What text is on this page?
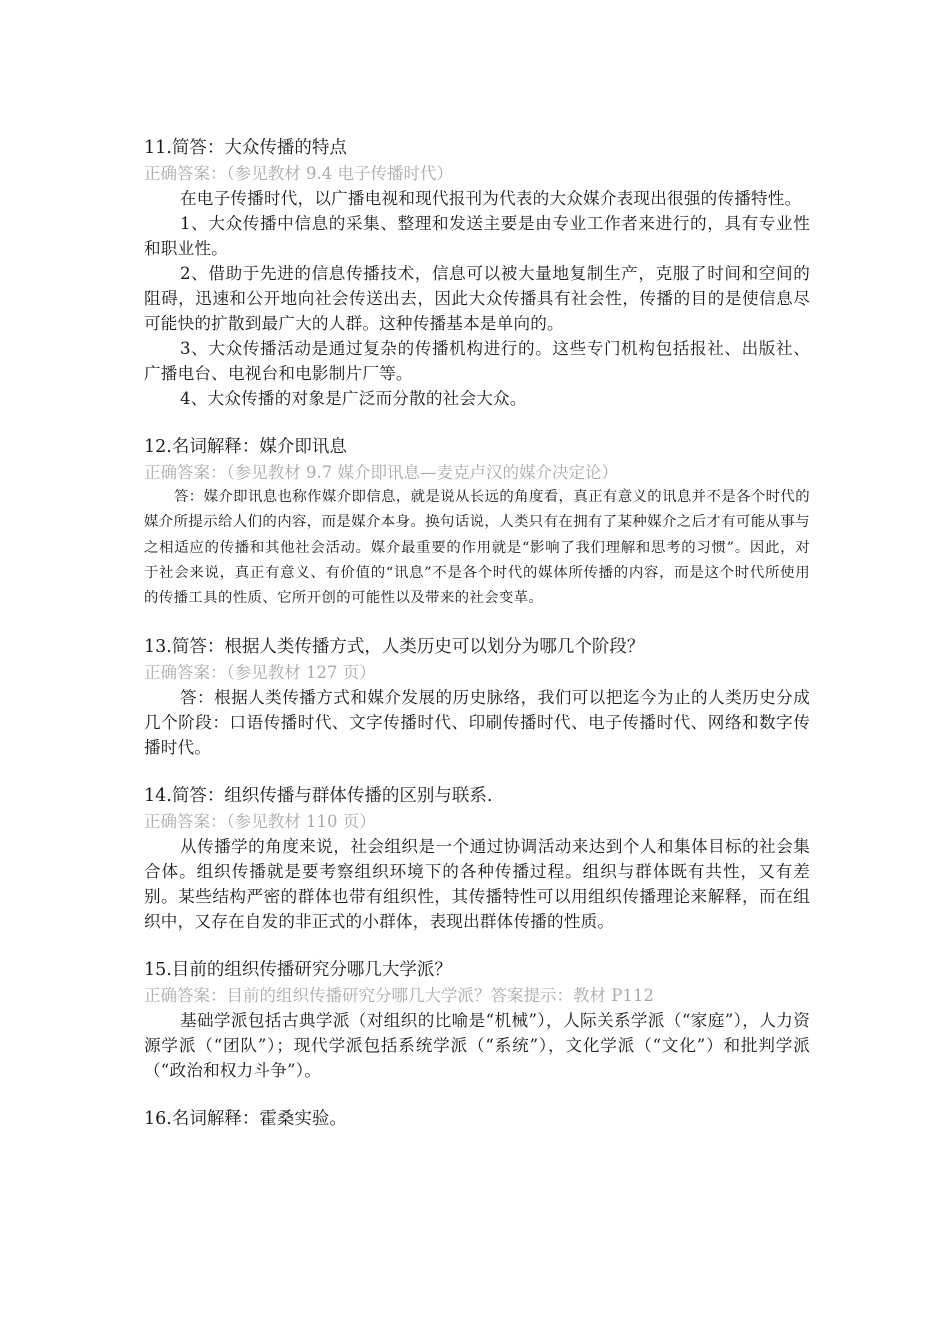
11.简答：大众传播的特点

正确答案：（参见教材 9.4 电子传播时代）

在电子传播时代，以广播电视和现代报刊为代表的大众媒介表现出很强的传播特性。

1、大众传播中信息的采集、整理和发送主要是由专业工作者来进行的，具有专业性和职业性。

2、借助于先进的信息传播技术，信息可以被大量地复制生产，克服了时间和空间的阻碍，迅速和公开地向社会传送出去，因此大众传播具有社会性，传播的目的是使信息尽可能快的扩散到最广大的人群。这种传播基本是单向的。

3、大众传播活动是通过复杂的传播机构进行的。这些专门机构包括报社、出版社、广播电台、电视台和电影制片厂等。

4、大众传播的对象是广泛而分散的社会大众。

12.名词解释：媒介即讯息

正确答案：（参见教材 9.7 媒介即讯息—麦克卢汉的媒介决定论）

答：媒介即讯息也称作媒介即信息，就是说从长远的角度看，真正有意义的讯息并不是各个时代的媒介所提示给人们的内容，而是媒介本身。换句话说，人类只有在拥有了某种媒介之后才有可能从事与之相适应的传播和其他社会活动。媒介最重要的作用就是“影响了我们理解和思考的习惯”。因此，对于社会来说，真正有意义、有价值的“讯息”不是各个时代的媒体所传播的内容，而是这个时代所使用的传播工具的性质、它所开创的可能性以及带来的社会变革。

13.简答：根据人类传播方式，人类历史可以划分为哪几个阶段？

正确答案：（参见教材 127 页）

答：根据人类传播方式和媒介发展的历史脉络，我们可以把迄今为止的人类历史分成几个阶段：口语传播时代、文字传播时代、印刷传播时代、电子传播时代、网络和数字传播时代。

14.简答：组织传播与群体传播的区别与联系.

正确答案：（参见教材 110 页）

从传播学的角度来说，社会组织是一个通过协调活动来达到个人和集体目标的社会集合体。组织传播就是要考察组织环境下的各种传播过程。组织与群体既有共性，又有差别。某些结构严密的群体也带有组织性，其传播特性可以用组织传播理论来解释，而在组织中，又存在自发的非正式的小群体，表现出群体传播的性质。

15.目前的组织传播研究分哪几大学派？

正确答案：目前的组织传播研究分哪几大学派？答案提示：教材 P112

基础学派包括古典学派（对组织的比喻是“机械”），人际关系学派（“家庭”），人力资源学派（“团队”）；现代学派包括系统学派（“系统”），文化学派（“文化”）和批判学派（“政治和权力斗争”）。

16.名词解释：霍桑实验。
